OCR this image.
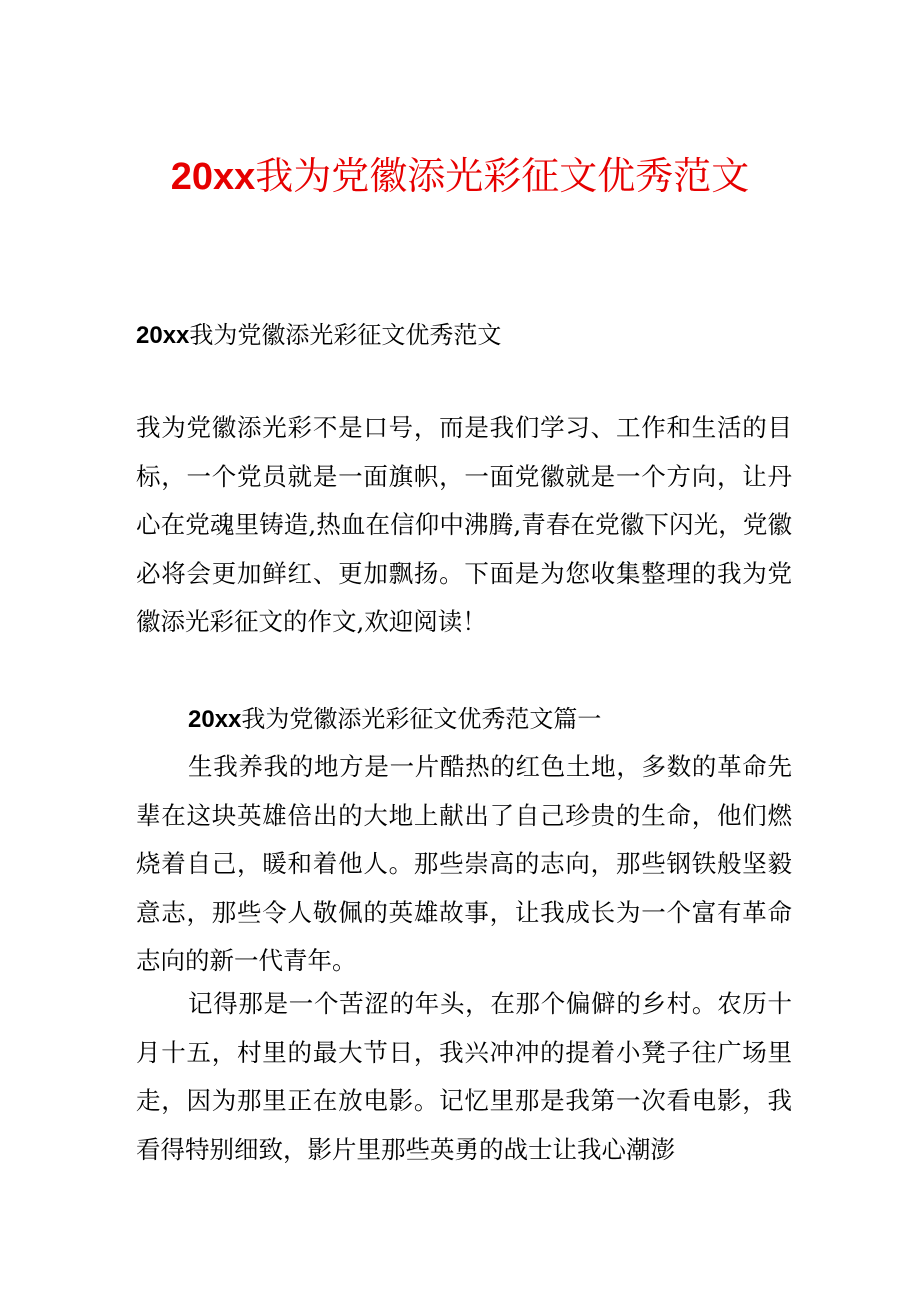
20xx我为党徽添光彩征文优秀范文
20xx我为党徽添光彩征文优秀范文

我为党徽添光彩不是口号，而是我们学习、工作和生活的目标，一个党员就是一面旗帜，一面党徽就是一个方向，让丹心在党魂里铸造,热血在信仰中沸腾,青春在党徽下闪光，党徽必将会更加鲜红、更加飘扬。下面是为您收集整理的我为党徽添光彩征文的作文,欢迎阅读！

20xx我为党徽添光彩征文优秀范文篇一

生我养我的地方是一片酷热的红色土地，多数的革命先辈在这块英雄倍出的大地上献出了自己珍贵的生命，他们燃烧着自己，暖和着他人。那些崇高的志向，那些钢铁般坚毅意志，那些令人敬佩的英雄故事，让我成长为一个富有革命志向的新一代青年。

记得那是一个苦涩的年头，在那个偏僻的乡村。农历十月十五，村里的最大节日，我兴冲冲的提着小凳子往广场里走，因为那里正在放电影。记忆里那是我第一次看电影，我看得特别细致，影片里那些英勇的战士让我心潮澎
